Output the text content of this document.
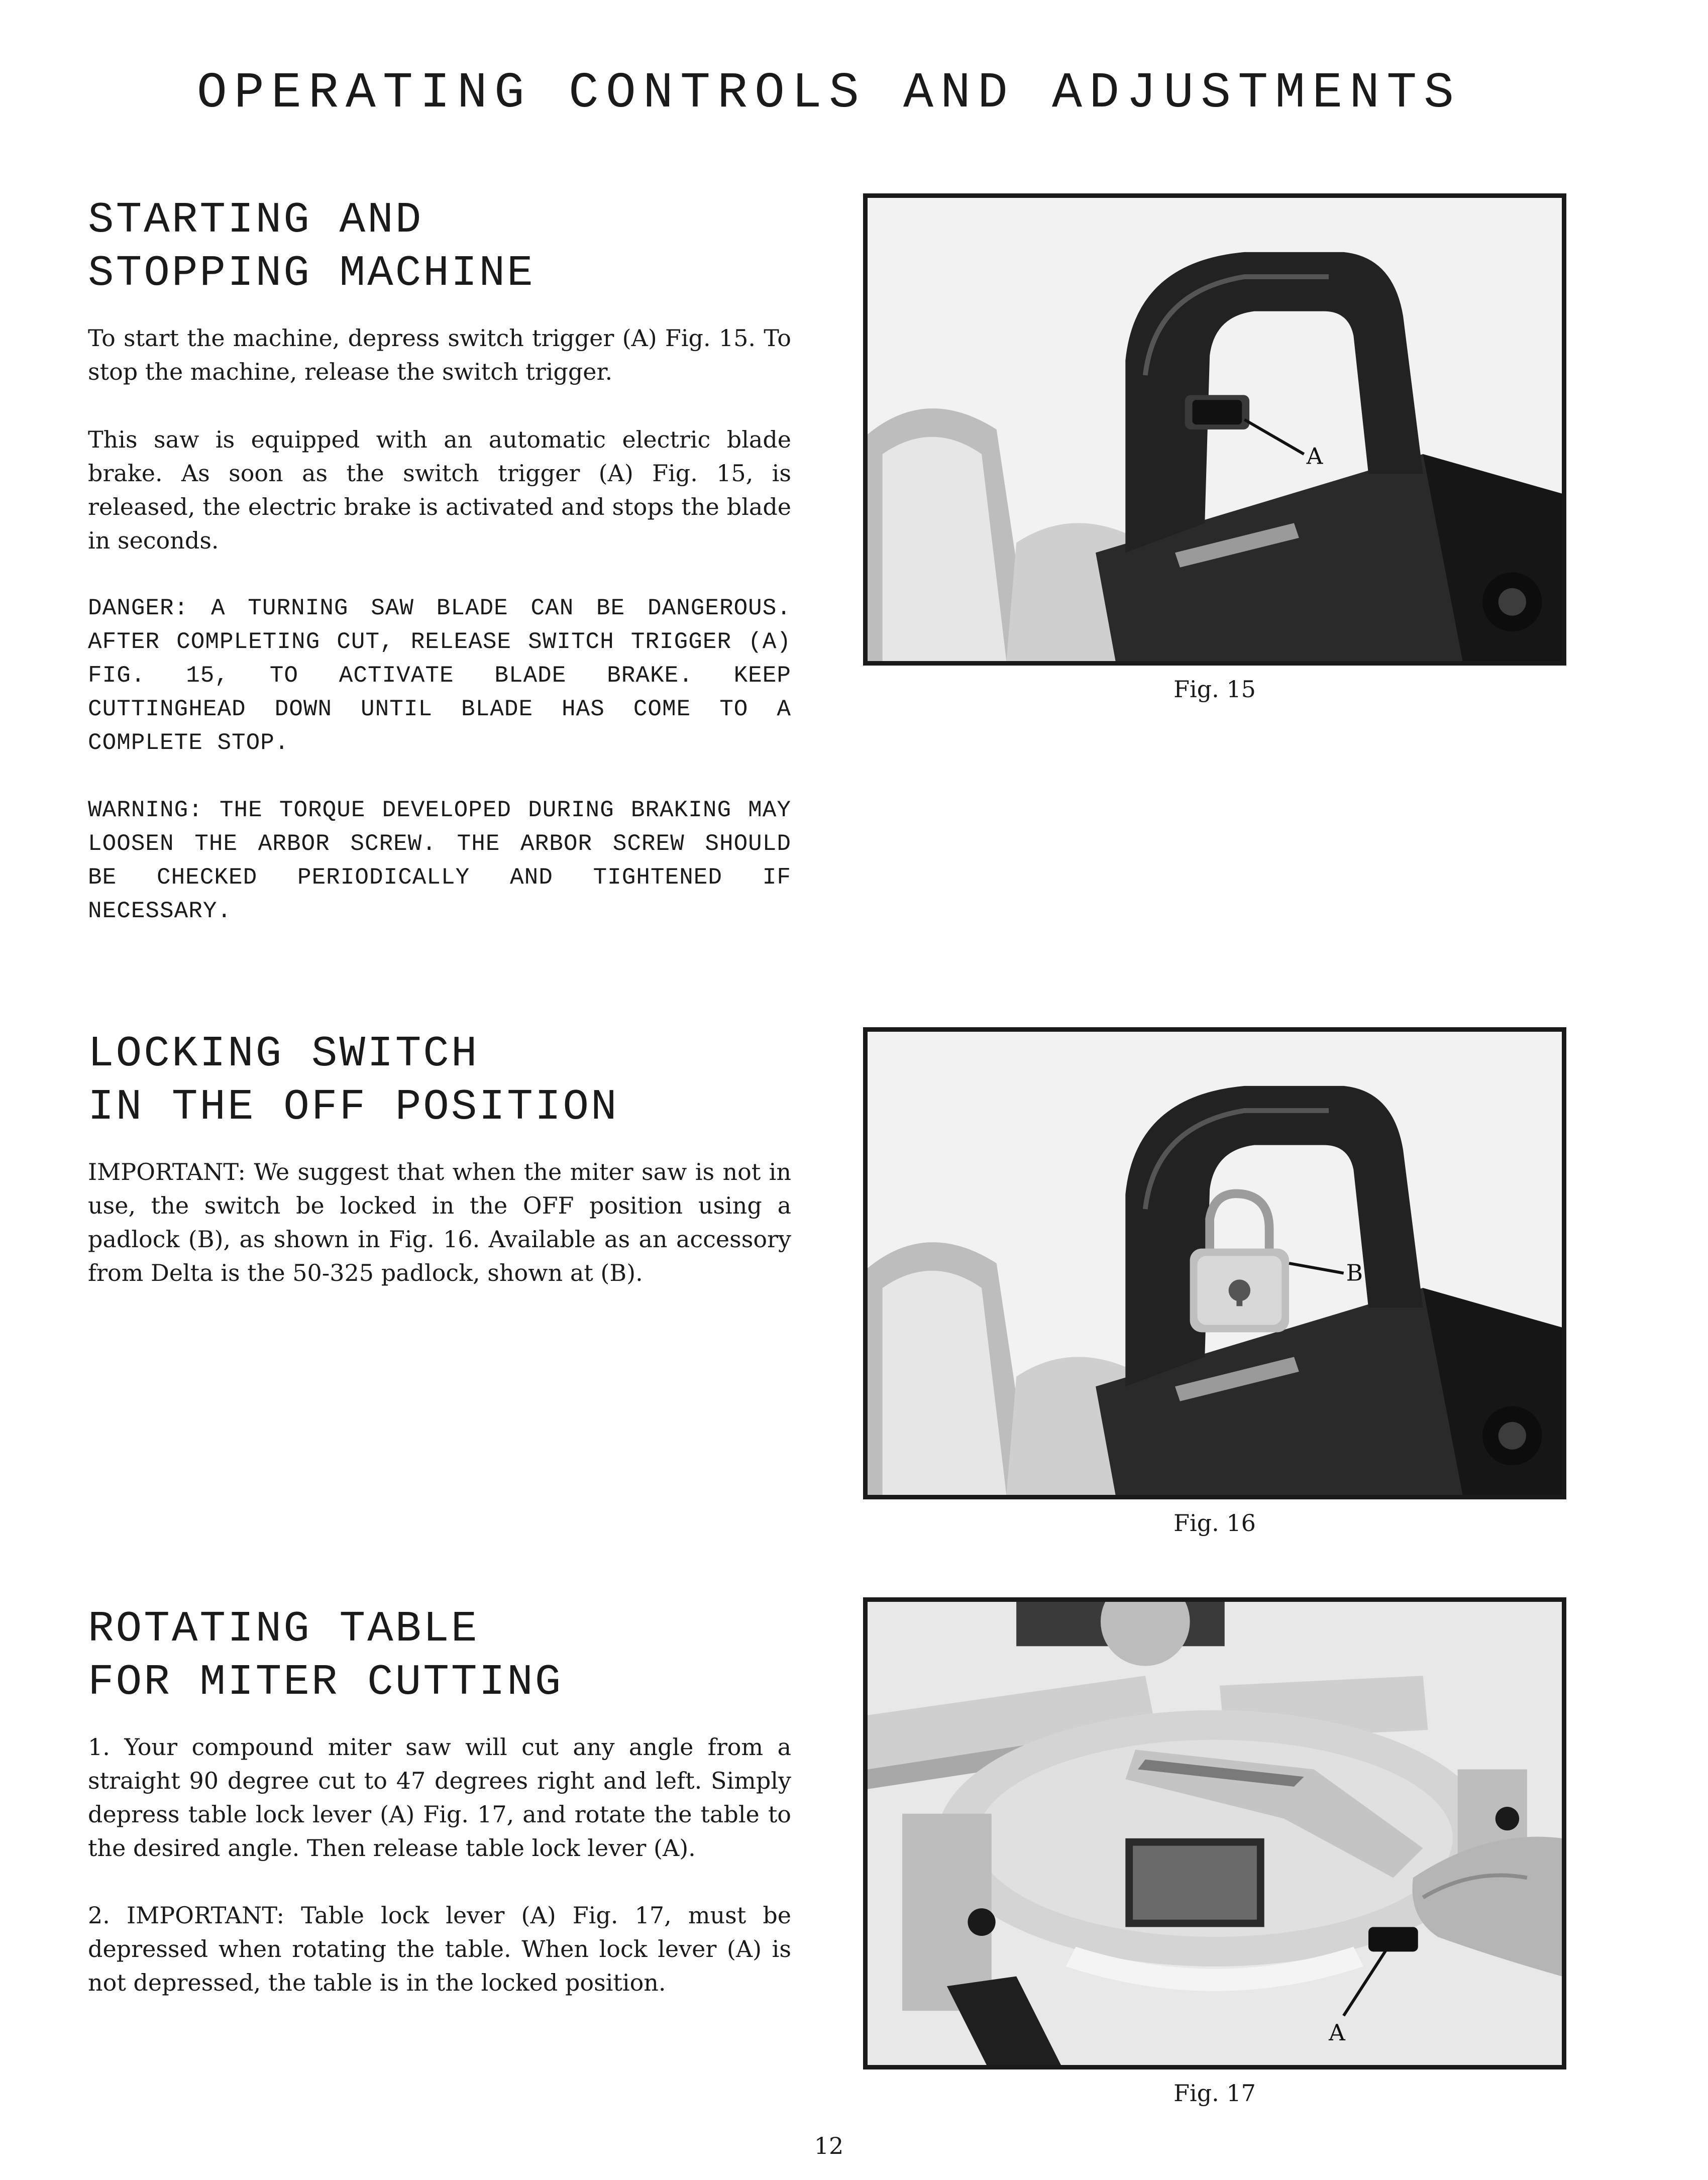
OPERATING CONTROLS AND ADJUSTMENTS
STARTING AND
STOPPING MACHINE

To start the machine, depress switch trigger (A) Fig. 15. To stop the machine, release the switch trigger.

This saw is equipped with an automatic electric blade brake. As soon as the switch trigger (A) Fig. 15, is released, the electric brake is activated and stops the blade in seconds.

DANGER: A TURNING SAW BLADE CAN BE DANGEROUS. AFTER COMPLETING CUT, RELEASE SWITCH TRIGGER (A) FIG. 15, TO ACTIVATE BLADE BRAKE. KEEP CUTTINGHEAD DOWN UNTIL BLADE HAS COME TO A COMPLETE STOP.

WARNING: THE TORQUE DEVELOPED DURING BRAKING MAY LOOSEN THE ARBOR SCREW. THE ARBOR SCREW SHOULD BE CHECKED PERIODICALLY AND TIGHTENED IF NECESSARY.

LOCKING SWITCH
IN THE OFF POSITION

IMPORTANT: We suggest that when the miter saw is not in use, the switch be locked in the OFF position using a padlock (B), as shown in Fig. 16. Available as an accessory from Delta is the 50-325 padlock, shown at (B).

ROTATING TABLE
FOR MITER CUTTING

1. Your compound miter saw will cut any angle from a straight 90 degree cut to 47 degrees right and left. Simply depress table lock lever (A) Fig. 17, and rotate the table to the desired angle. Then release table lock lever (A).

2. IMPORTANT: Table lock lever (A) Fig. 17, must be depressed when rotating the table. When lock lever (A) is not depressed, the table is in the locked position.

A

Fig. 15

B

Fig. 16

A

Fig. 17

12
